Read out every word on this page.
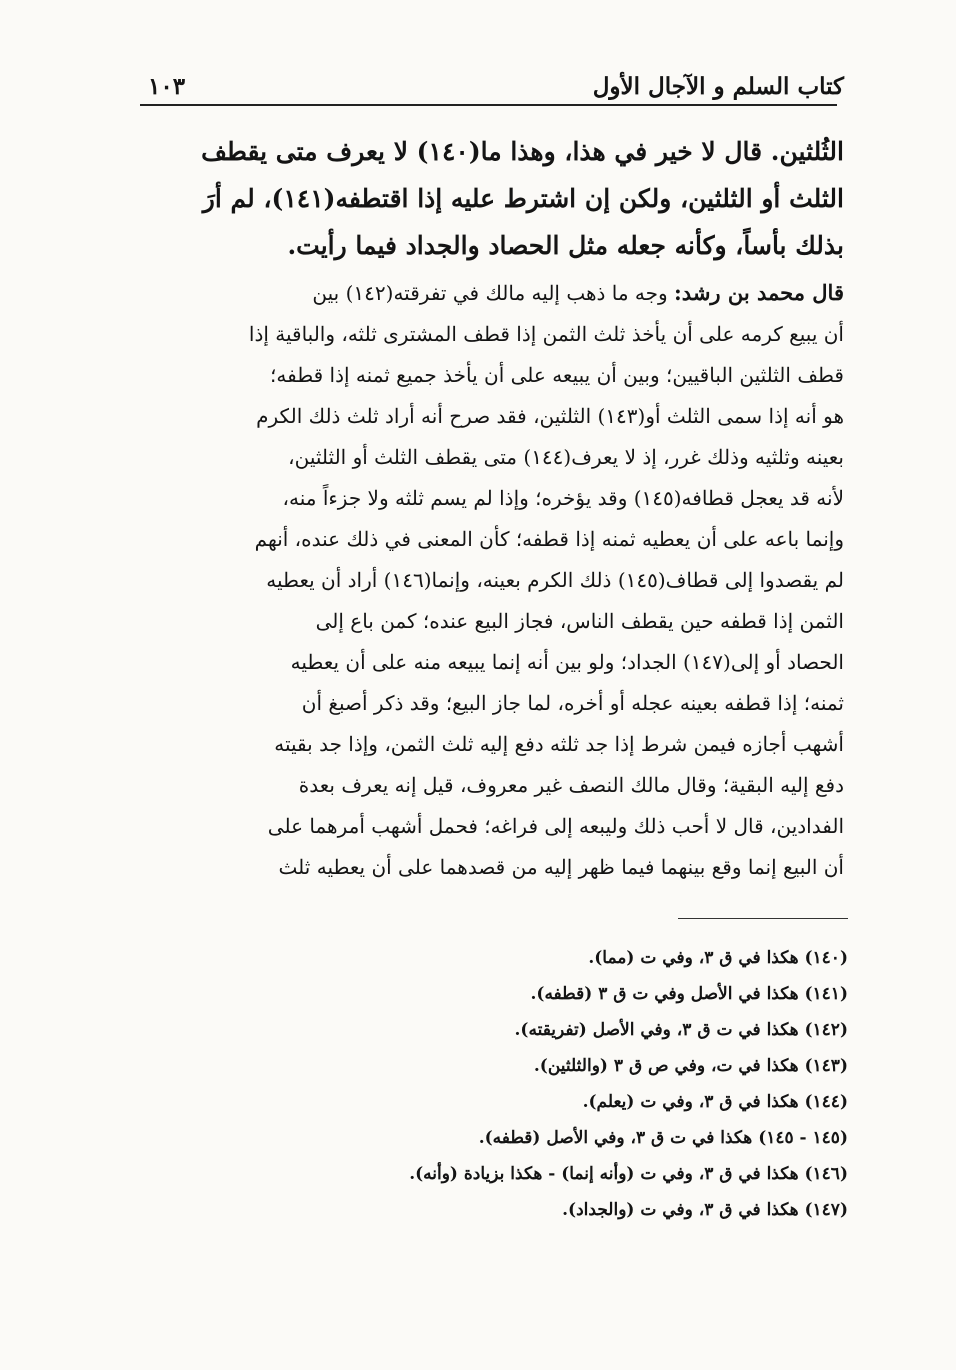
كتاب السلم و الآجال الأول
١٠٣
الثُلثين. قال لا خير في هذا، وهذا ما(١٤٠) لا يعرف متى يقطف
الثلث أو الثلثين، ولكن إن اشترط عليه إذا اقتطفه(١٤١)، لم أرَ
بذلك بأساً، وكأنه جعله مثل الحصاد والجداد فيما رأيت.
قال محمد بن رشد: وجه ما ذهب إليه مالك في تفرقته(١٤٢) بين
أن يبيع كرمه على أن يأخذ ثلث الثمن إذا قطف المشترى ثلثه، والباقية إذا
قطف الثلثين الباقيين؛ وبين أن يبيعه على أن يأخذ جميع ثمنه إذا قطفه؛
هو أنه إذا سمى الثلث أو(١٤٣) الثلثين، فقد صرح أنه أراد ثلث ذلك الكرم
بعينه وثلثيه وذلك غرر، إذ لا يعرف(١٤٤) متى يقطف الثلث أو الثلثين،
لأنه قد يعجل قطافه(١٤٥) وقد يؤخره؛ وإذا لم يسم ثلثه ولا جزءاً منه،
وإنما باعه على أن يعطيه ثمنه إذا قطفه؛ كأن المعنى في ذلك عنده، أنهم
لم يقصدوا إلى قطاف(١٤٥) ذلك الكرم بعينه، وإنما(١٤٦) أراد أن يعطيه
الثمن إذا قطفه حين يقطف الناس، فجاز البيع عنده؛ كمن باع إلى
الحصاد أو إلى(١٤٧) الجداد؛ ولو بين أنه إنما يبيعه منه على أن يعطيه
ثمنه؛ إذا قطفه بعينه عجله أو أخره، لما جاز البيع؛ وقد ذكر أصبغ أن
أشهب أجازه فيمن شرط إذا جد ثلثه دفع إليه ثلث الثمن، وإذا جد بقيته
دفع إليه البقية؛ وقال مالك النصف غير معروف، قيل إنه يعرف بعدة
الفدادين، قال لا أحب ذلك وليبعه إلى فراغه؛ فحمل أشهب أمرهما على
أن البيع إنما وقع بينهما فيما ظهر إليه من قصدهما على أن يعطيه ثلث
(١٤٠) هكذا في ق ٣، وفي ت (مما).
(١٤١) هكذا في الأصل وفي ت ق ٣ (قطفه).
(١٤٢) هكذا في ت ق ٣، وفي الأصل (تفريقته).
(١٤٣) هكذا في ت، وفي ص ق ٣ (والثلثين).
(١٤٤) هكذا في ق ٣، وفي ت (يعلم).
(١٤٥ - ١٤٥) هكذا في ت ق ٣، وفي الأصل (قطفه).
(١٤٦) هكذا في ق ٣، وفي ت (وأنه إنما) - هكذا بزيادة (وأنه).
(١٤٧) هكذا في ق ٣، وفي ت (والجداد).
